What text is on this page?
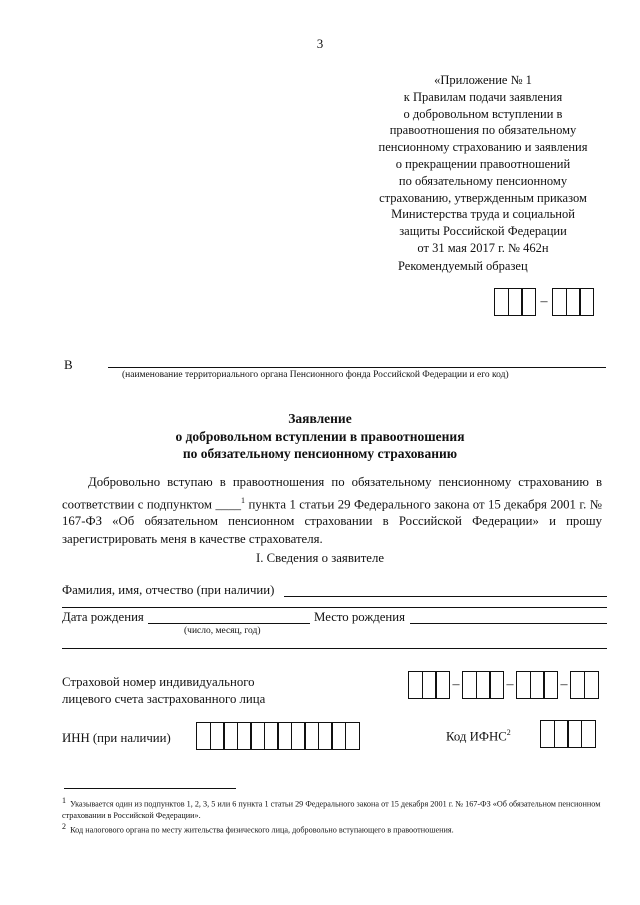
3
«Приложение № 1
к Правилам подачи заявления
о добровольном вступлении в
правоотношения по обязательному
пенсионному страхованию и заявления
о прекращении правоотношений
по обязательному пенсионному
страхованию, утвержденным приказом
Министерства труда и социальной
защиты Российской Федерации
от 31 мая 2017 г. № 462н
Рекомендуемый образец
–
В
(наименование территориального органа Пенсионного фонда Российской Федерации и его код)
Заявление
о добровольном вступлении в правоотношения
по обязательному пенсионному страхованию
Добровольно вступаю в правоотношения по обязательному пенсионному страхованию в соответствии с подпунктом ____$^1$ пункта 1 статьи 29 Федерального закона от 15 декабря 2001 г. № 167-ФЗ «Об обязательном пенсионном страховании в Российской Федерации» и прошу зарегистрировать меня в качестве страхователя.
I. Сведения о заявителе
Фамилия, имя, отчество (при наличии)
Дата рождения
(число, месяц, год)
Место рождения
Страховой номер индивидуального
лицевого счета застрахованного лица
–	–	–
ИНН (при наличии)	Код ИФНС$^2$
1 Указывается один из подпунктов 1, 2, 3, 5 или 6 пункта 1 статьи 29 Федерального закона от 15 декабря 2001 г. № 167-ФЗ «Об обязательном пенсионном страховании в Российской Федерации».
2 Код налогового органа по месту жительства физического лица, добровольно вступающего в правоотношения.
